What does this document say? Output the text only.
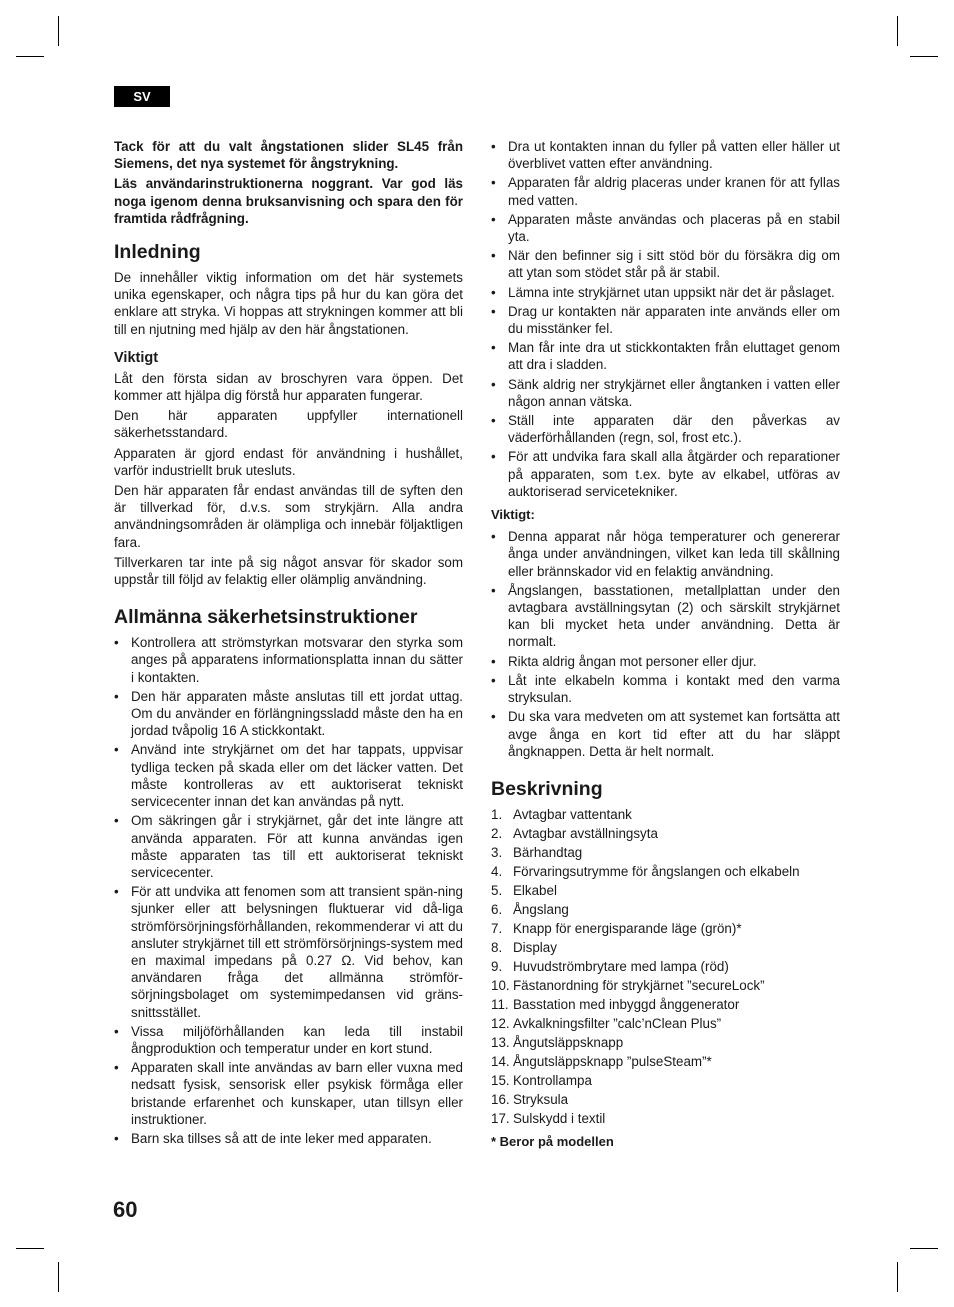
SV

Tack för att du valt ångstationen slider SL45 från Siemens, det nya systemet för ångstrykning.

Läs användarinstruktionerna noggrant. Var god läs noga igenom denna bruksanvisning och spara den för framtida rådfrågning.

Inledning

De innehåller viktig information om det här systemets unika egenskaper, och några tips på hur du kan göra det enklare att stryka. Vi hoppas att strykningen kommer att bli till en njutning med hjälp av den här ångstationen.

Viktigt

Låt den första sidan av broschyren vara öppen. Det kommer att hjälpa dig förstå hur apparaten fungerar.

Den här apparaten uppfyller internationell säkerhetsstandard.

Apparaten är gjord endast för användning i hushållet, varför industriellt bruk utesluts.

Den här apparaten får endast användas till de syften den är tillverkad för, d.v.s. som strykjärn. Alla andra användningsområden är olämpliga och innebär följaktligen fara.

Tillverkaren tar inte på sig något ansvar för skador som uppstår till följd av felaktig eller olämplig användning.

Allmänna säkerhetsinstruktioner
• Kontrollera att strömstyrkan motsvarar den styrka som anges på apparatens informationsplatta innan du sätter i kontakten.
• Den här apparaten måste anslutas till ett jordat uttag. Om du använder en förlängningssladd måste den ha en jordad tvåpolig 16 A stickkontakt.
• Använd inte strykjärnet om det har tappats, uppvisar tydliga tecken på skada eller om det läcker vatten. Det måste kontrolleras av ett auktoriserat tekniskt servicecenter innan det kan användas på nytt.
• Om säkringen går i strykjärnet, går det inte längre att använda apparaten. För att kunna användas igen måste apparaten tas till ett auktoriserat tekniskt servicecenter.
• För att undvika att fenomen som att transient spän-ning sjunker eller att belysningen fluktuerar vid då-liga strömförsörjningsförhållanden, rekommenderar vi att du ansluter strykjärnet till ett strömförsörjnings-system med en maximal impedans på 0.27 Ω. Vid behov, kan användaren fråga det allmänna strömför-sörjningsbolaget om systemimpedansen vid gräns-snittsstället.
• Vissa miljöförhållanden kan leda till instabil ångproduktion och temperatur under en kort stund.
• Apparaten skall inte användas av barn eller vuxna med nedsatt fysisk, sensorisk eller psykisk förmåga eller bristande erfarenhet och kunskaper, utan tillsyn eller instruktioner.
• Barn ska tillses så att de inte leker med apparaten.
• Dra ut kontakten innan du fyller på vatten eller häller ut överblivet vatten efter användning.
• Apparaten får aldrig placeras under kranen för att fyllas med vatten.
• Apparaten måste användas och placeras på en stabil yta.
• När den befinner sig i sitt stöd bör du försäkra dig om att ytan som stödet står på är stabil.
• Lämna inte strykjärnet utan uppsikt när det är påslaget.
• Drag ur kontakten när apparaten inte används eller om du misstänker fel.
• Man får inte dra ut stickkontakten från eluttaget genom att dra i sladden.
• Sänk aldrig ner strykjärnet eller ångtanken i vatten eller någon annan vätska.
• Ställ inte apparaten där den påverkas av väderförhållanden (regn, sol, frost etc.).
• För att undvika fara skall alla åtgärder och reparationer på apparaten, som t.ex. byte av elkabel, utföras av auktoriserad servicetekniker.
Viktigt:
• Denna apparat når höga temperaturer och genererar ånga under användningen, vilket kan leda till skållning eller brännskador vid en felaktig användning.
• Ångslangen, basstationen, metallplattan under den avtagbara avställningsytan (2) och särskilt strykjärnet kan bli mycket heta under användning. Detta är normalt.
• Rikta aldrig ångan mot personer eller djur.
• Låt inte elkabeln komma i kontakt med den varma stryksulan.
• Du ska vara medveten om att systemet kan fortsätta att avge ånga en kort tid efter att du har släppt ångknappen. Detta är helt normalt.
Beskrivning
1. Avtagbar vattentank
2. Avtagbar avställningsyta
3. Bärhandtag
4. Förvaringsutrymme för ångslangen och elkabeln
5. Elkabel
6. Ångslang
7. Knapp för energisparande läge (grön)*
8. Display
9. Huvudströmbrytare med lampa (röd)
10. Fästanordning för strykjärnet ”secureLock”
11. Basstation med inbyggd ånggenerator
12. Avkalkningsfilter ”calc’nClean Plus”
13. Ångutsläppsknapp
14. Ångutsläppsknapp ”pulseSteam”*
15. Kontrollampa
16. Stryksula
17. Sulskydd i textil
* Beror på modellen
60
